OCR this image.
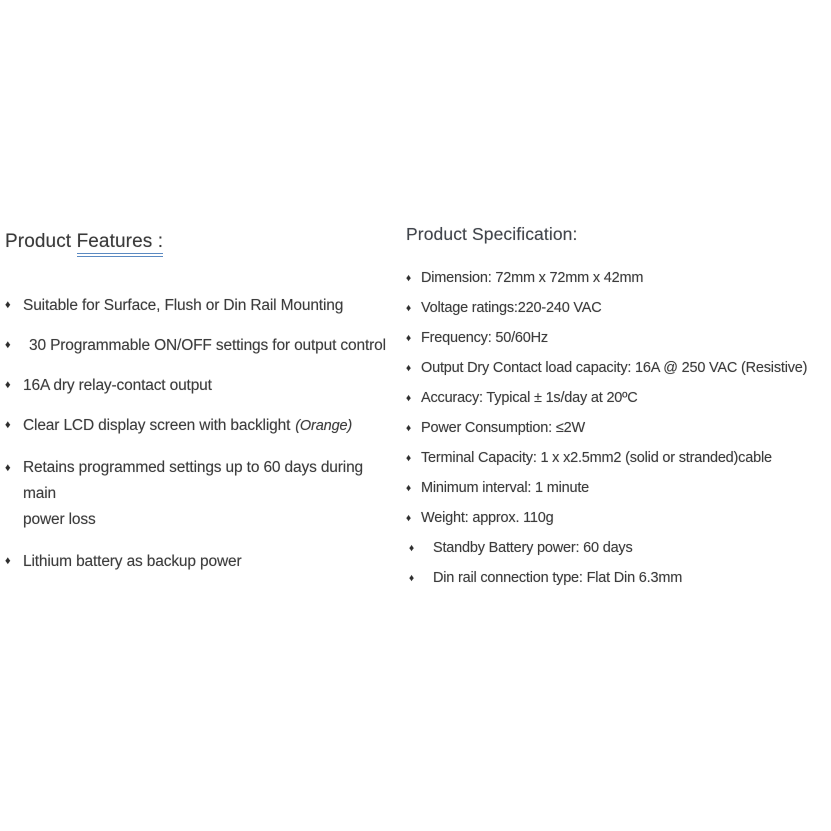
Product Features :
♦ Suitable for Surface, Flush or Din Rail Mounting
♦	30 Programmable ON/OFF settings for output control
♦ 16A dry relay-contact output
♦ Clear LCD display screen with backlight (Orange)
♦ Retains programmed settings up to 60 days during main
power loss
♦ Lithium battery as backup power
Product Specification:
♦ Dimension: 72mm x 72mm x 42mm
♦ Voltage ratings:220-240 VAC
♦ Frequency: 50/60Hz
♦ Output Dry Contact load capacity: 16A @ 250 VAC (Resistive)
♦ Accuracy: Typical ± 1s/day at 20ºC
♦ Power Consumption: ≤2W
♦ Terminal Capacity: 1 x x2.5mm2 (solid or stranded)cable
♦ Minimum interval: 1 minute
♦ Weight: approx. 110g
♦	Standby Battery power: 60 days
♦	Din rail connection type: Flat Din 6.3mm
